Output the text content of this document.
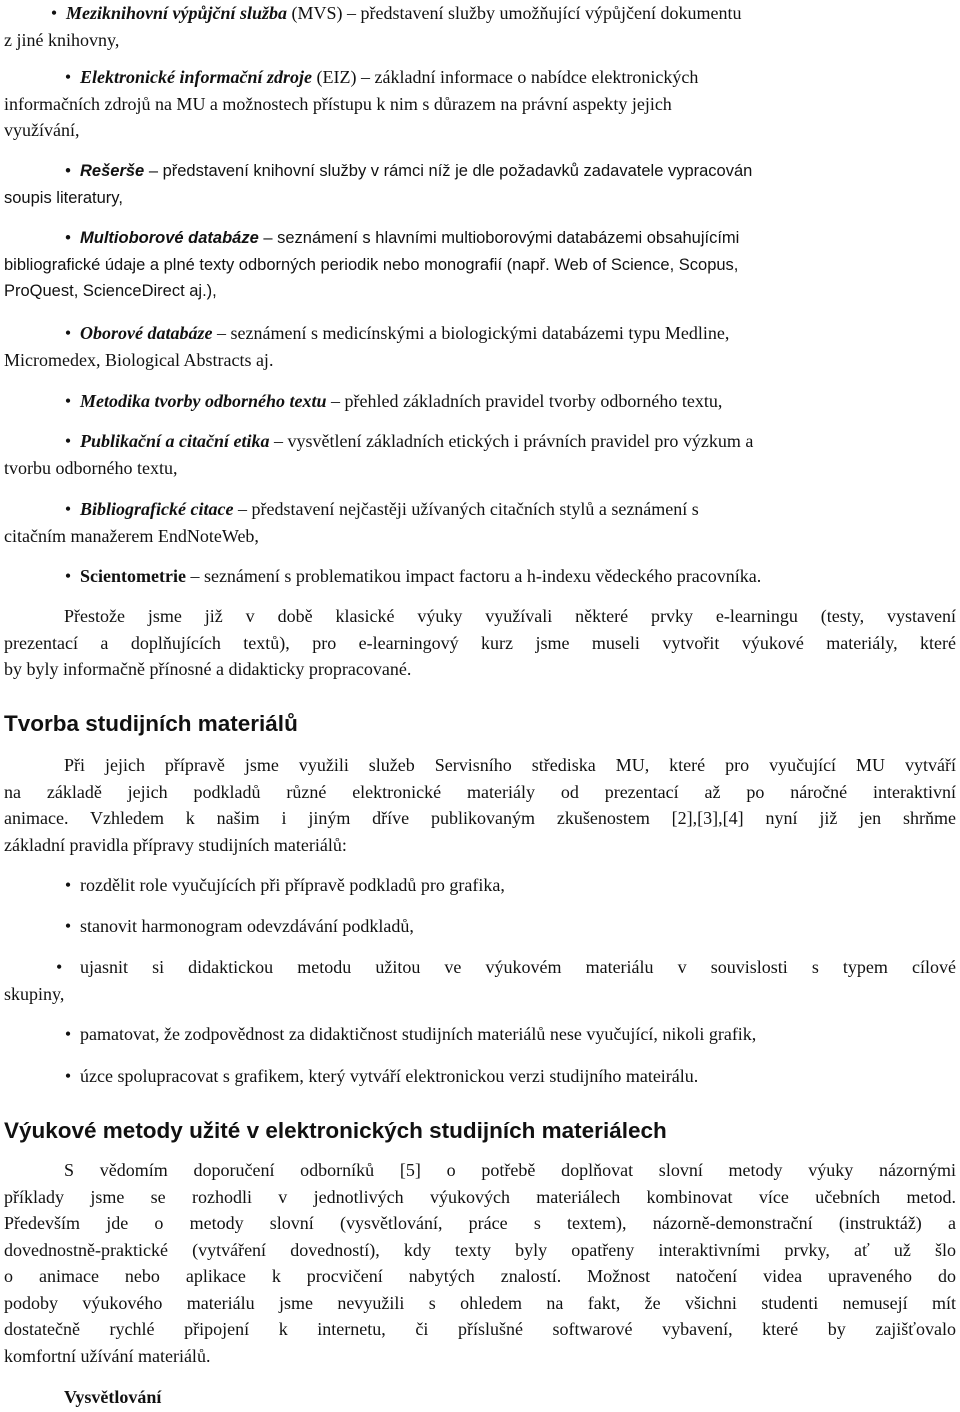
• Meziknihovní výpůjční služba (MVS) – představení služby umožňující výpůjčení dokumentu
z jiné knihovny,
• Elektronické informační zdroje (EIZ) – základní informace o nabídce elektronických
informačních zdrojů na MU a možnostech přístupu k nim s důrazem na právní aspekty jejich
využívání,
• Rešerše – představení knihovní služby v rámci níž je dle požadavků zadavatele vypracován
soupis literatury,
• Multioborové databáze – seznámení s hlavními multioborovými databázemi obsahujícími
bibliografické údaje a plné texty odborných periodik nebo monografií (např. Web of Science, Scopus,
ProQuest, ScienceDirect aj.),
• Oborové databáze – seznámení s medicínskými a biologickými databázemi typu Medline,
Micromedex, Biological Abstracts aj.
• Metodika tvorby odborného textu – přehled základních pravidel tvorby odborného textu,
• Publikační a citační etika – vysvětlení základních etických i právních pravidel pro výzkum a
tvorbu odborného textu,
• Bibliografické citace – představení nejčastěji užívaných citačních stylů a seznámení s
citačním manažerem EndNoteWeb,
• Scientometrie – seznámení s problematikou impact factoru a h-indexu vědeckého pracovníka.
Přestože jsme již v době klasické výuky využívali některé prvky e-learningu (testy, vystavení
prezentací a doplňujících textů), pro e-learningový kurz jsme museli vytvořit výukové materiály, které
by byly informačně přínosné a didakticky propracované.
Tvorba studijních materiálů
Při jejich přípravě jsme využili služeb Servisního střediska MU, které pro vyučující MU vytváří
na základě jejich podkladů různé elektronické materiály od prezentací až po náročné interaktivní
animace. Vzhledem k našim i jiným dříve publikovaným zkušenostem [2],[3],[4] nyní již jen shrňme
základní pravidla přípravy studijních materiálů:
• rozdělit role vyučujících při přípravě podkladů pro grafika,
• stanovit harmonogram odevzdávání podkladů,
• ujasnit si didaktickou metodu užitou ve výukovém materiálu v souvislosti s typem cílové
skupiny,
• pamatovat, že zodpovědnost za didaktičnost studijních materiálů nese vyučující, nikoli grafik,
• úzce spolupracovat s grafikem, který vytváří elektronickou verzi studijního mateirálu.
Výukové metody užité v elektronických studijních materiálech
S vědomím doporučení odborníků [5] o potřebě doplňovat slovní metody výuky názornými
příklady jsme se rozhodli v jednotlivých výukových materiálech kombinovat více učebních metod.
Především jde o metody slovní (vysvětlování, práce s textem), názorně-demonstrační (instruktáž) a
dovednostně-praktické (vytváření dovedností), kdy texty byly opatřeny interaktivními prvky, ať už šlo
o animace nebo aplikace k procvičení nabytých znalostí. Možnost natočení videa upraveného do
podoby výukového materiálu jsme nevyužili s ohledem na fakt, že všichni studenti nemusejí mít
dostatečně rychlé připojení k internetu, či příslušné softwarové vybavení, které by zajišťovalo
komfortní užívání materiálů.
Vysvětlování
